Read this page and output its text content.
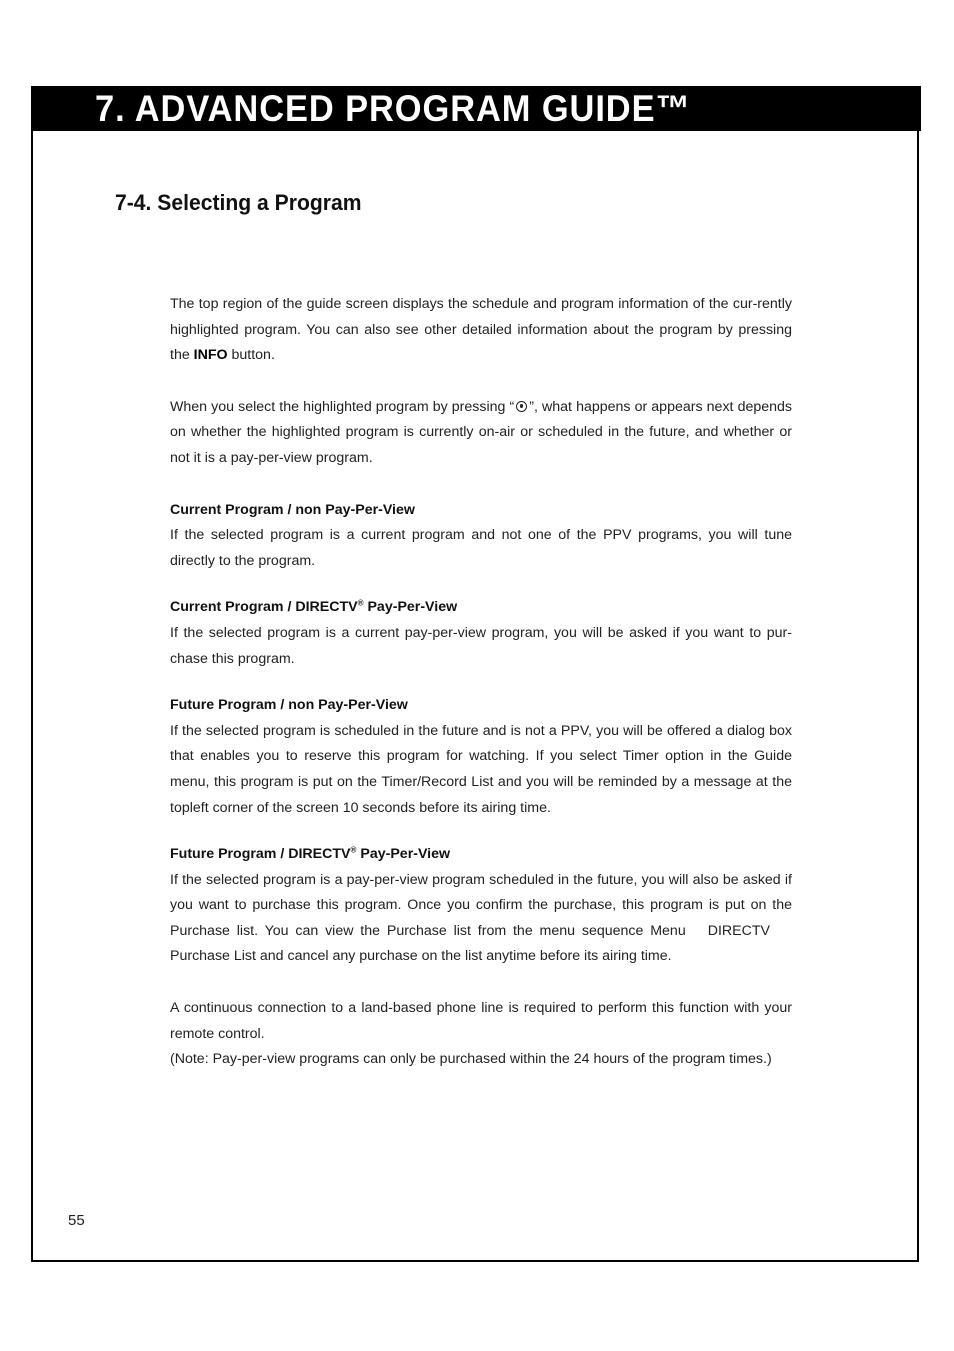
7. ADVANCED PROGRAM GUIDE™
7-4. Selecting a Program

The top region of the guide screen displays the schedule and program information of the cur-rently highlighted program. You can also see other detailed information about the program by pressing the INFO button.

When you select the highlighted program by pressing “ ”, what happens or appears next depends on whether the highlighted program is currently on-air or scheduled in the future, and whether or not it is a pay-per-view program.

Current Program / non Pay-Per-View

If the selected program is a current program and not one of the PPV programs, you will tune directly to the program.

Current Program / DIRECTV® Pay-Per-View

If the selected program is a current pay-per-view program, you will be asked if you want to pur-chase this program.

Future Program / non Pay-Per-View

If the selected program is scheduled in the future and is not a PPV, you will be offered a dialog box that enables you to reserve this program for watching. If you select Timer option in the Guide menu, this program is put on the Timer/Record List and you will be reminded by a message at the topleft corner of the screen 10 seconds before its airing time.

Future Program / DIRECTV® Pay-Per-View

If the selected program is a pay-per-view program scheduled in the future, you will also be asked if you want to purchase this program. Once you confirm the purchase, this program is put on the Purchase list. You can view the Purchase list from the menu sequence Menu DIRECTVPurchase List and cancel any purchase on the list anytime before its airing time.

A continuous connection to a land-based phone line is required to perform this function with your remote control.

(Note: Pay-per-view programs can only be purchased within the 24 hours of the program times.)

55
